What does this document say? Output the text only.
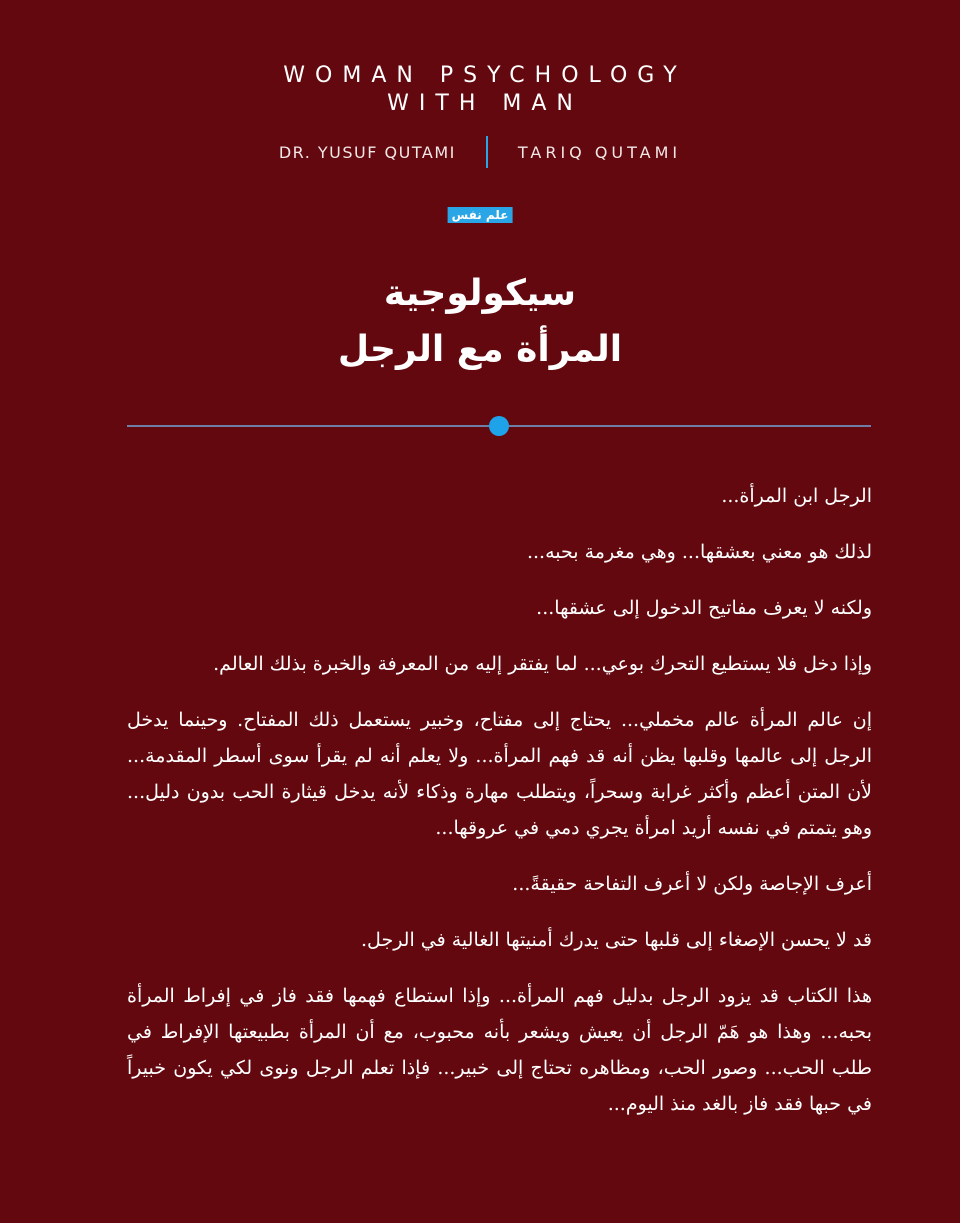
WOMAN PSYCHOLOGY
WITH MAN
DR. YUSUF QUTAMI	TARIQ QUTAMI
علم نفس
سيكولوجية
المرأة مع الرجل

الرجل ابن المرأة...

لذلك هو معني بعشقها... وهي مغرمة بحبه...

ولكنه لا يعرف مفاتيح الدخول إلى عشقها...

وإذا دخل فلا يستطيع التحرك بوعي... لما يفتقر إليه من المعرفة والخبرة بذلك العالم.

إن عالم المرأة عالم مخملي... يحتاج إلى مفتاح، وخبير يستعمل ذلك المفتاح. وحينما يدخل الرجل إلى عالمها وقلبها يظن أنه قد فهم المرأة... ولا يعلم أنه لم يقرأ سوى أسطر المقدمة... لأن المتن أعظم وأكثر غرابة وسحراً، ويتطلب مهارة وذكاء لأنه يدخل قيثارة الحب بدون دليل... وهو يتمتم في نفسه أريد امرأة يجري دمي في عروقها...

أعرف الإجاصة ولكن لا أعرف التفاحة حقيقةً...

قد لا يحسن الإصغاء إلى قلبها حتى يدرك أمنيتها الغالية في الرجل.

هذا الكتاب قد يزود الرجل بدليل فهم المرأة... وإذا استطاع فهمها فقد فاز في إفراط المرأة بحبه... وهذا هو هَمّ الرجل أن يعيش ويشعر بأنه محبوب، مع أن المرأة بطبيعتها الإفراط في طلب الحب... وصور الحب، ومظاهره تحتاج إلى خبير... فإذا تعلم الرجل ونوى لكي يكون خبيراً في حبها فقد فاز بالغد منذ اليوم...
